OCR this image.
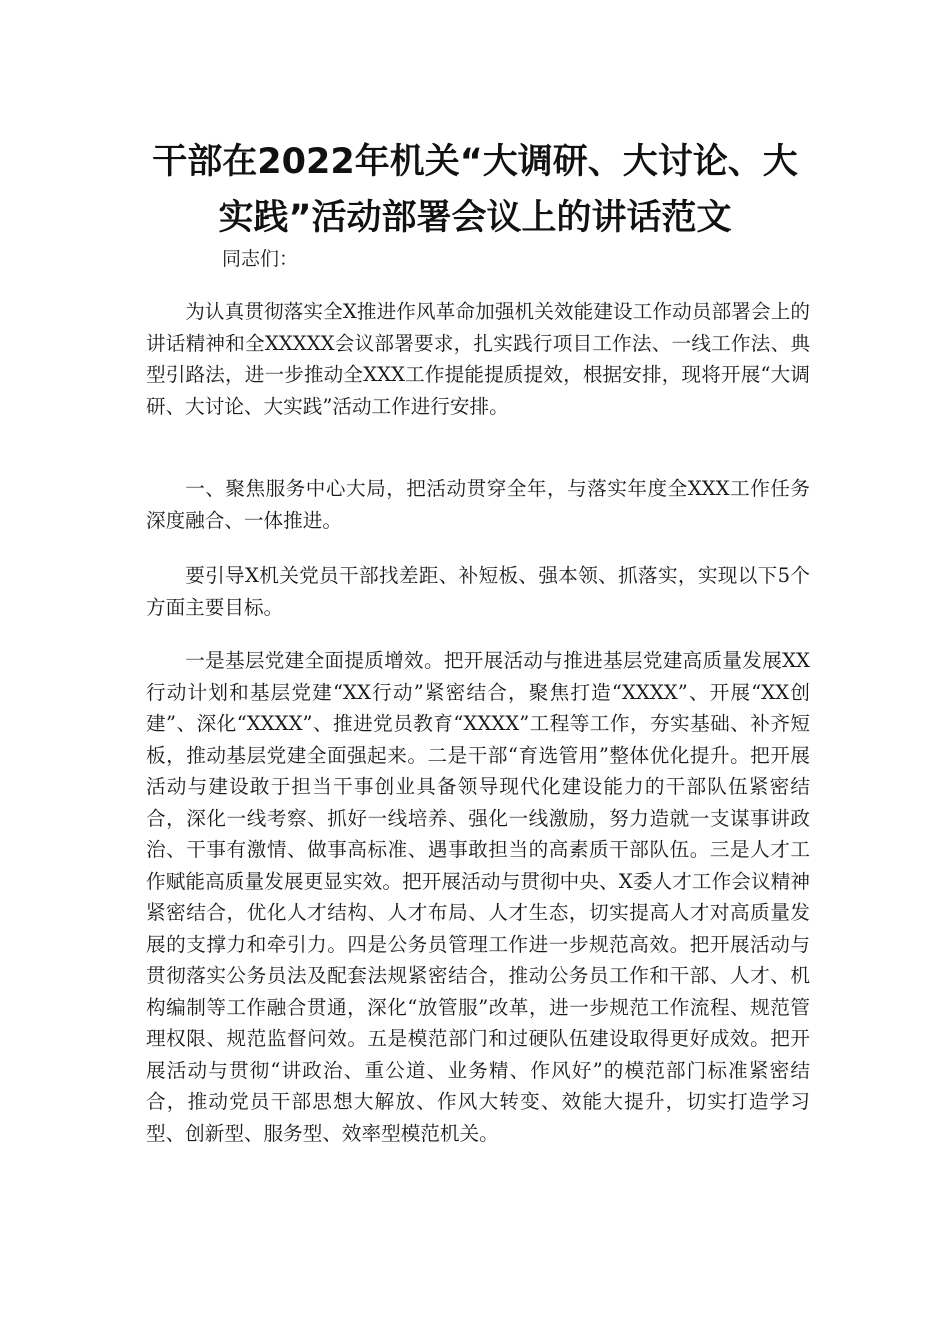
干部在2022年机关“大调研、大讨论、大
实践”活动部署会议上的讲话范文

同志们：

为认真贯彻落实全X推进作风革命加强机关效能建设工作动员部署会上的讲话精神和全XXXXX会议部署要求，扎实践行项目工作法、一线工作法、典型引路法，进一步推动全XXX工作提能提质提效，根据安排，现将开展“大调研、大讨论、大实践”活动工作进行安排。

一、聚焦服务中心大局，把活动贯穿全年，与落实年度全XXX工作任务深度融合、一体推进。

要引导X机关党员干部找差距、补短板、强本领、抓落实，实现以下5个方面主要目标。

一是基层党建全面提质增效。把开展活动与推进基层党建高质量发展XX行动计划和基层党建“XX行动”紧密结合，聚焦打造“XXXX”、开展“XX创建”、深化“XXXX”、推进党员教育“XXXX”工程等工作，夯实基础、补齐短板，推动基层党建全面强起来。二是干部“育选管用”整体优化提升。把开展活动与建设敢于担当干事创业具备领导现代化建设能力的干部队伍紧密结合，深化一线考察、抓好一线培养、强化一线激励，努力造就一支谋事讲政治、干事有激情、做事高标准、遇事敢担当的高素质干部队伍。三是人才工作赋能高质量发展更显实效。把开展活动与贯彻中央、X委人才工作会议精神紧密结合，优化人才结构、人才布局、人才生态，切实提高人才对高质量发展的支撑力和牵引力。四是公务员管理工作进一步规范高效。把开展活动与贯彻落实公务员法及配套法规紧密结合，推动公务员工作和干部、人才、机构编制等工作融合贯通，深化“放管服”改革，进一步规范工作流程、规范管理权限、规范监督问效。五是模范部门和过硬队伍建设取得更好成效。把开展活动与贯彻“讲政治、重公道、业务精、作风好”的模范部门标准紧密结合，推动党员干部思想大解放、作风大转变、效能大提升，切实打造学习型、创新型、服务型、效率型模范机关。
